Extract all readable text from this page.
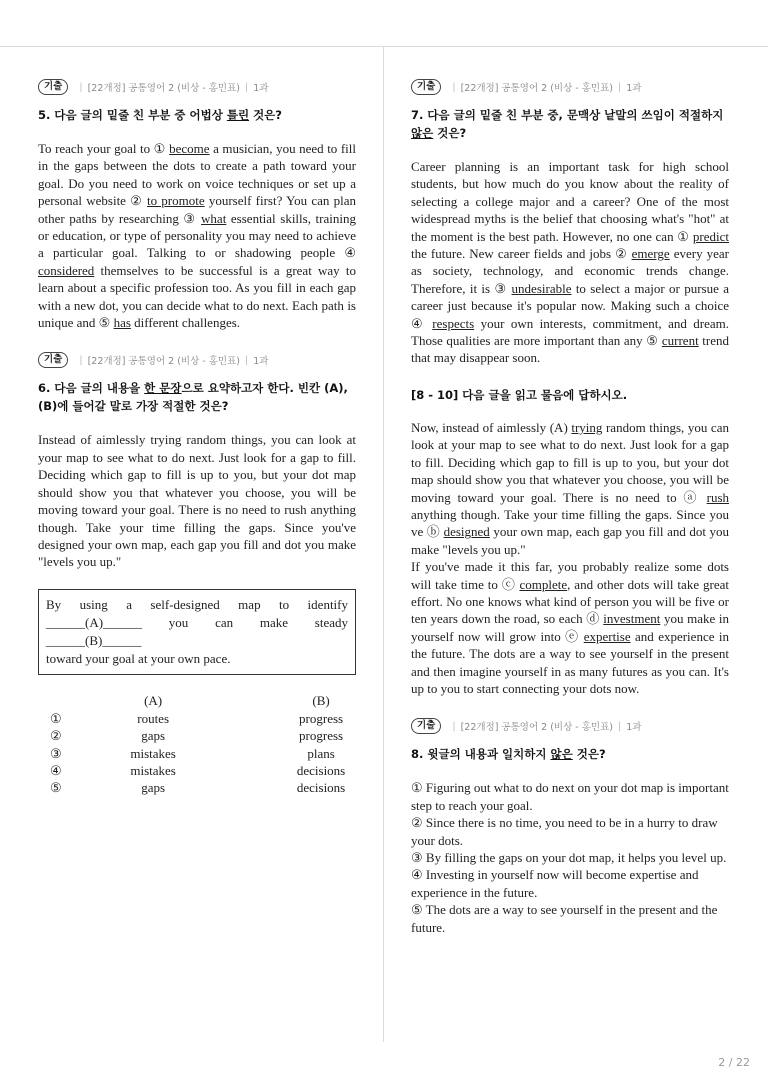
기출	| [22개정] 공통영어 2 (비상 - 홍민표) | 1과

5. 다음 글의 밑줄 친 부분 중 어법상 틀린 것은?

To reach your goal to ① become a musician, you need to fill in the gaps between the dots to create a path toward your goal. Do you need to work on voice techniques or set up a personal website ② to promote yourself first? You can plan other paths by researching ③ what essential skills, training or education, or type of personality you may need to achieve a particular goal. Talking to or shadowing people ④ considered themselves to be successful is a great way to learn about a specific profession too. As you fill in each gap with a new dot, you can decide what to do next. Each path is unique and ⑤ has different challenges.

기출	| [22개정] 공통영어 2 (비상 - 홍민표) | 1과

6. 다음 글의 내용을 한 문장으로 요약하고자 한다. 빈칸 (A), (B)에 들어갈 말로 가장 적절한 것은?

Instead of aimlessly trying random things, you can look at your map to see what to do next. Just look for a gap to fill. Deciding which gap to fill is up to you, but your dot map should show you that whatever you choose, you will be moving toward your goal. There is no need to rush anything though. Take your time filling the gaps. Since you've designed your own map, each gap you fill and dot you make "levels you up."

By using a self-designed map to identify
______(A)______ you can make steady ______(B)______
toward your goal at your own pace.
	(A)		(B)
①	routes		progress
②	gaps		progress
③	mistakes		plans
④	mistakes		decisions
⑤	gaps		decisions
기출	| [22개정] 공통영어 2 (비상 - 홍민표) | 1과

7. 다음 글의 밑줄 친 부분 중, 문맥상 낱말의 쓰임이 적절하지 않은 것은?

Career planning is an important task for high school students, but how much do you know about the reality of selecting a college major and a career? One of the most widespread myths is the belief that choosing what's "hot" at the moment is the best path. However, no one can ① predict the future. New career fields and jobs ② emerge every year as society, technology, and economic trends change. Therefore, it is ③ undesirable to select a major or pursue a career just because it's popular now. Making such a choice ④ respects your own interests, commitment, and dream. Those qualities are more important than any ⑤ current trend that may disappear soon.

[8 - 10] 다음 글을 읽고 물음에 답하시오.

Now, instead of aimlessly (A) trying random things, you can look at your map to see what to do next. Just look for a gap to fill. Deciding which gap to fill is up to you, but your dot map should show you that whatever you choose, you will be moving toward your goal. There is no need to ⓐ rush anything though. Take your time filling the gaps. Since you ve ⓑ designed your own map, each gap you fill and dot you make "levels you up."

If you've made it this far, you probably realize some dots will take time to ⓒ complete, and other dots will take great effort. No one knows what kind of person you will be five or ten years down the road, so each ⓓ investment you make in yourself now will grow into ⓔ expertise and experience in the future. The dots are a way to see yourself in the present and then imagine yourself in as many futures as you can. It's up to you to start connecting your dots now.

기출	| [22개정] 공통영어 2 (비상 - 홍민표) | 1과

8. 윗글의 내용과 일치하지 않은 것은?

① Figuring out what to do next on your dot map is important step to reach your goal.

② Since there is no time, you need to be in a hurry to draw your dots.

③ By filling the gaps on your dot map, it helps you level up.

④ Investing in yourself now will become expertise and experience in the future.

⑤ The dots are a way to see yourself in the present and the future.

2 / 22
